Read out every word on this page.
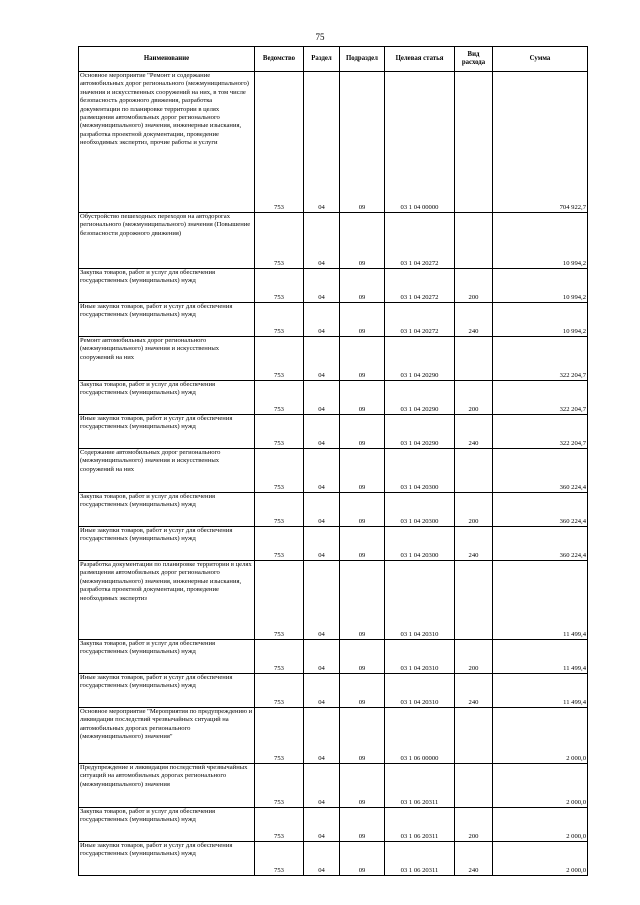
75
Наименование	Ведомство	Раздел	Подраздел	Целевая статья	Вид расхода	Сумма
Основное мероприятие "Ремонт и содержание автомобильных дорог регионального (межмуниципального) значения и искусственных сооружений на них, в том числе безопасность дорожного движения, разработка документации по планировке территории в целях размещения автомобильных дорог регионального (межмуниципального) значения, инженерные изыскания, разработка проектной документации, проведение необходимых экспертиз, прочие работы и услуги	753	04	09	03 1 04 00000		704 922,7
Обустройство пешеходных переходов на автодорогах регионального (межмуниципального) значения (Повышение безопасности дорожного движения)	753	04	09	03 1 04 20272		10 994,2
Закупка товаров, работ и услуг для обеспечения государственных (муниципальных) нужд	753	04	09	03 1 04 20272	200	10 994,2
Иные закупки товаров, работ и услуг для обеспечения государственных (муниципальных) нужд	753	04	09	03 1 04 20272	240	10 994,2
Ремонт автомобильных дорог регионального (межмуниципального) значения и искусственных сооружений на них	753	04	09	03 1 04 20290		322 204,7
Закупка товаров, работ и услуг для обеспечения государственных (муниципальных) нужд	753	04	09	03 1 04 20290	200	322 204,7
Иные закупки товаров, работ и услуг для обеспечения государственных (муниципальных) нужд	753	04	09	03 1 04 20290	240	322 204,7
Содержание автомобильных дорог регионального (межмуниципального) значения и искусственных сооружений на них	753	04	09	03 1 04 20300		360 224,4
Закупка товаров, работ и услуг для обеспечения государственных (муниципальных) нужд	753	04	09	03 1 04 20300	200	360 224,4
Иные закупки товаров, работ и услуг для обеспечения государственных (муниципальных) нужд	753	04	09	03 1 04 20300	240	360 224,4
Разработка документации по планировке территории в целях размещения автомобильных дорог регионального (межмуниципального) значения, инженерные изыскания, разработка проектной документации, проведение необходимых экспертиз	753	04	09	03 1 04 20310		11 499,4
Закупка товаров, работ и услуг для обеспечения государственных (муниципальных) нужд	753	04	09	03 1 04 20310	200	11 499,4
Иные закупки товаров, работ и услуг для обеспечения государственных (муниципальных) нужд	753	04	09	03 1 04 20310	240	11 499,4
Основное мероприятие "Мероприятия по предупреждению и ликвидации последствий чрезвычайных ситуаций на автомобильных дорогах регионального (межмуниципального) значения"	753	04	09	03 1 06 00000		2 000,0
Предупреждение и ликвидация последствий чрезвычайных ситуаций на автомобильных дорогах регионального (межмуниципального) значения	753	04	09	03 1 06 20311		2 000,0
Закупка товаров, работ и услуг для обеспечения государственных (муниципальных) нужд	753	04	09	03 1 06 20311	200	2 000,0
Иные закупки товаров, работ и услуг для обеспечения государственных (муниципальных) нужд	753	04	09	03 1 06 20311	240	2 000,0
